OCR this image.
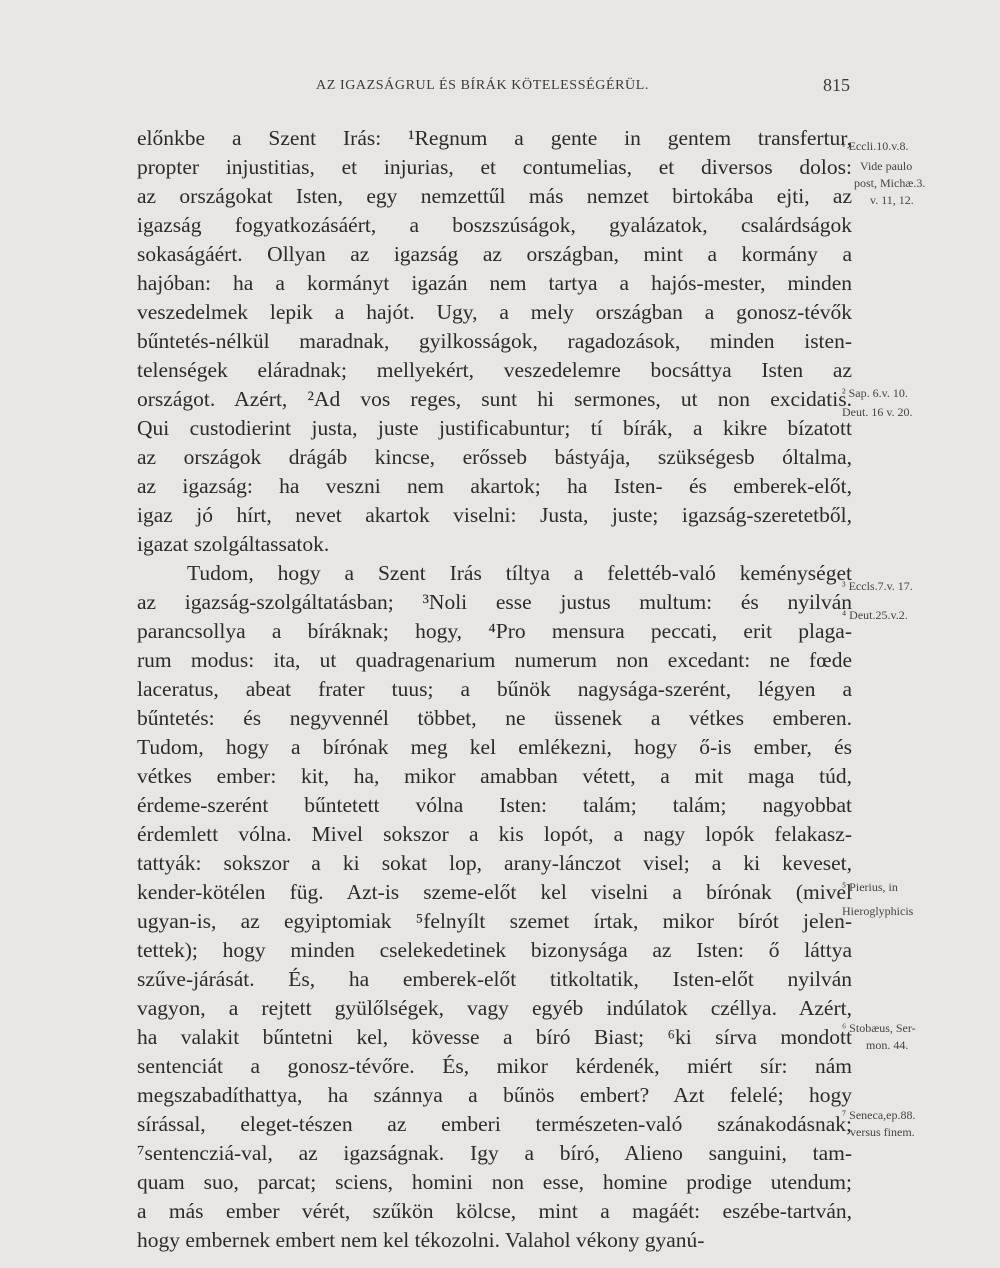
AZ IGAZSÁGRUL ÉS BÍRÁK KÖTELESSÉGÉRÜL.	815
előnkbe a Szent Irás: ¹Regnum a gente in gentem transfertur,
propter injustitias, et injurias, et contumelias, et diversos dolos:
az országokat Isten, egy nemzettűl más nemzet birtokába ejti, az
igazság fogyatkozásáért, a boszszúságok, gyalázatok, csalárdságok
sokaságáért. Ollyan az igazság az országban, mint a kormány a
hajóban: ha a kormányt igazán nem tartya a hajós-mester, minden
veszedelmek lepik a hajót. Ugy, a mely országban a gonosz-tévők
bűntetés-nélkül maradnak, gyilkosságok, ragadozások, minden isten-
telenségek eláradnak; mellyekért, veszedelemre bocsáttya Isten az
országot. Azért, ²Ad vos reges, sunt hi sermones, ut non excidatis.
Qui custodierint justa, juste justificabuntur; tí bírák, a kikre bízatott
az országok drágáb kincse, erősseb bástyája, szükségesb óltalma,
az igazság: ha veszni nem akartok; ha Isten- és emberek-előt,
igaz jó hírt, nevet akartok viselni: Justa, juste; igazság-szeretetből,
igazat szolgáltassatok.
Tudom, hogy a Szent Irás tíltya a felettéb-való keménységet
az igazság-szolgáltatásban; ³Noli esse justus multum: és nyilván
parancsollya a bíráknak; hogy, ⁴Pro mensura peccati, erit plaga-
rum modus: ita, ut quadragenarium numerum non excedant: ne fœde
laceratus, abeat frater tuus; a bűnök nagysága-szerént, légyen a
bűntetés: és negyvennél többet, ne üssenek a vétkes emberen.
Tudom, hogy a bírónak meg kel emlékezni, hogy ő-is ember, és
vétkes ember: kit, ha, mikor amabban vétett, a mit maga túd,
érdeme-szerént bűntetett vólna Isten: talám; talám; nagyobbat
érdemlett vólna. Mivel sokszor a kis lopót, a nagy lopók felakasz-
tattyák: sokszor a ki sokat lop, arany-lánczot visel; a ki keveset,
kender-kötélen füg. Azt-is szeme-előt kel viselni a bírónak (mivel
ugyan-is, az egyiptomiak ⁵felnyílt szemet írtak, mikor bírót jelen-
tettek); hogy minden cselekedetinek bizonysága az Isten: ő láttya
szűve-járását. És, ha emberek-előt titkoltatik, Isten-előt nyilván
vagyon, a rejtett gyülőlségek, vagy egyéb indúlatok czéllya. Azért,
ha valakit bűntetni kel, kövesse a bíró Biast; ⁶ki sírva mondott
sentenciát a gonosz-tévőre. És, mikor kérdenék, miért sír: nám
megszabadíthattya, ha szánnya a bűnös embert? Azt felelé; hogy
sírással, eleget-tészen az emberi természeten-való szánakodásnak;
⁷sentencziá-val, az igazságnak. Igy a bíró, Alieno sanguini, tam-
quam suo, parcat; sciens, homini non esse, homine prodige utendum;
a más ember vérét, szűkön kölcse, mint a magáét: eszébe-tartván,
hogy embernek embert nem kel tékozolni. Valahol vékony gyanú-
¹ Eccli.10.v.8.
Vide paulo
post, Michæ.3.
v. 11, 12.
² Sap. 6.v. 10.
Deut. 16 v. 20.
³ Eccls.7.v. 17.
⁴ Deut.25.v.2.
⁵ Pierius, in
Hieroglyphicis
⁶ Stobæus, Ser-
mon. 44.
⁷ Seneca,ep.88.
versus finem.
